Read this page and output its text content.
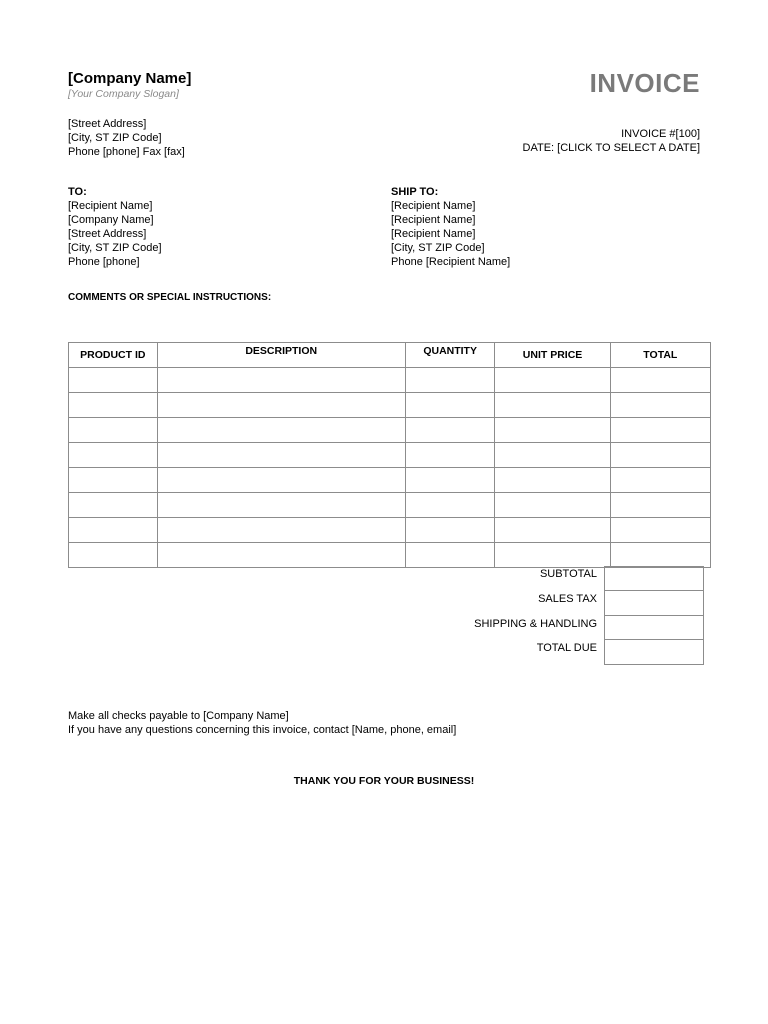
[Company Name]
[Your Company Slogan]	INVOICE
[Street Address]
[City, ST ZIP Code]
Phone [phone] Fax [fax]
INVOICE #[100]
DATE: [CLICK TO SELECT A DATE]
TO:
[Recipient Name]
[Company Name]
[Street Address]
[City, ST ZIP Code]
Phone [phone]
SHIP TO:
[Recipient Name]
[Recipient Name]
[Recipient Name]
[City, ST ZIP Code]
Phone [Recipient Name]
COMMENTS OR SPECIAL INSTRUCTIONS:
PRODUCT ID	DESCRIPTION	QUANTITY	UNIT PRICE	TOTAL

SUBTOTAL
SALES TAX
SHIPPING & HANDLING
TOTAL DUE
Make all checks payable to [Company Name]
If you have any questions concerning this invoice, contact [Name, phone, email]
THANK YOU FOR YOUR BUSINESS!
